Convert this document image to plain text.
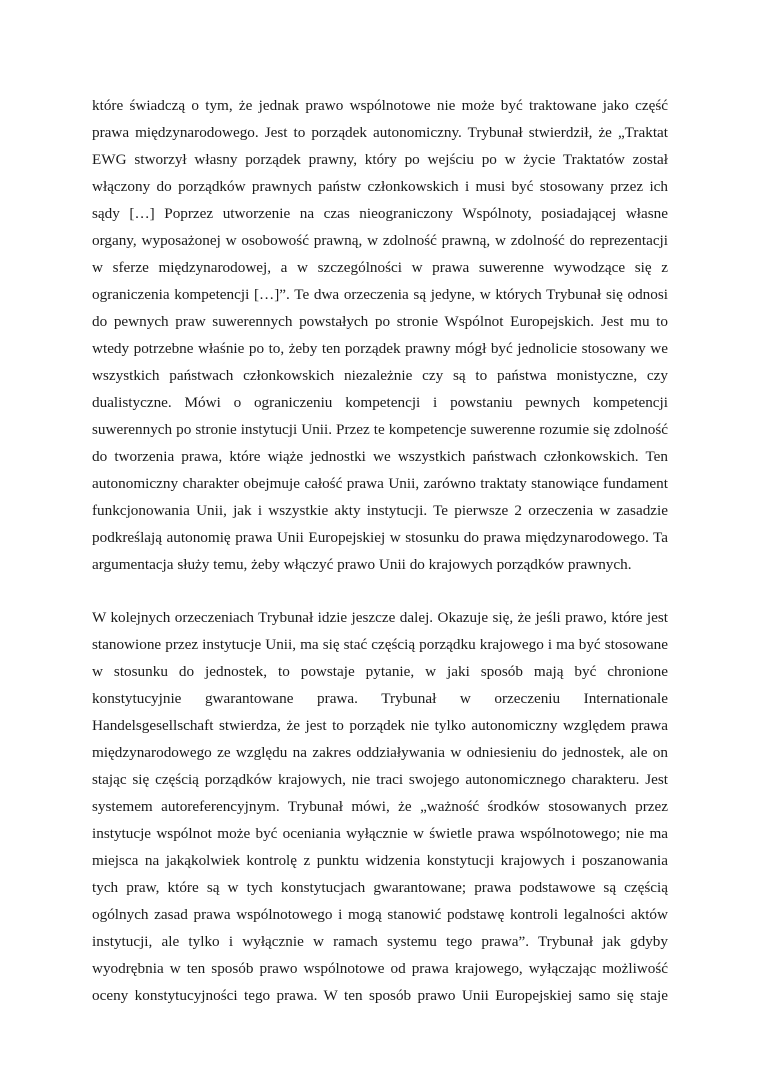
które świadczą o tym, że jednak prawo wspólnotowe nie może być traktowane jako część
prawa międzynarodowego. Jest to porządek autonomiczny. Trybunał stwierdził, że „Traktat
EWG stworzył własny porządek prawny, który po wejściu po w życie Traktatów został
włączony do porządków prawnych państw członkowskich i musi być stosowany przez ich
sądy […] Poprzez utworzenie na czas nieograniczony Wspólnoty, posiadającej własne
organy, wyposażonej w osobowość prawną, w zdolność prawną, w zdolność do reprezentacji
w sferze międzynarodowej, a w szczególności w prawa suwerenne wywodzące się z
ograniczenia kompetencji […]”. Te dwa orzeczenia są jedyne, w których Trybunał się odnosi
do pewnych praw suwerennych powstałych po stronie Wspólnot Europejskich. Jest mu to
wtedy potrzebne właśnie po to, żeby ten porządek prawny mógł być jednolicie stosowany we
wszystkich państwach członkowskich niezależnie czy są to państwa monistyczne, czy
dualistyczne. Mówi o ograniczeniu kompetencji i powstaniu pewnych kompetencji
suwerennych po stronie instytucji Unii. Przez te kompetencje suwerenne rozumie się zdolność
do tworzenia prawa, które wiąże jednostki we wszystkich państwach członkowskich. Ten
autonomiczny charakter obejmuje całość prawa Unii, zarówno traktaty stanowiące fundament
funkcjonowania Unii, jak i wszystkie akty instytucji. Te pierwsze 2 orzeczenia w zasadzie
podkreślają autonomię prawa Unii Europejskiej w stosunku do prawa międzynarodowego. Ta
argumentacja służy temu, żeby włączyć prawo Unii do krajowych porządków prawnych.
W kolejnych orzeczeniach Trybunał idzie jeszcze dalej. Okazuje się, że jeśli prawo, które jest
stanowione przez instytucje Unii, ma się stać częścią porządku krajowego i ma być stosowane
w stosunku do jednostek, to powstaje pytanie, w jaki sposób mają być chronione
konstytucyjnie gwarantowane prawa. Trybunał w orzeczeniu Internationale
Handelsgesellschaft stwierdza, że jest to porządek nie tylko autonomiczny względem prawa
międzynarodowego ze względu na zakres oddziaływania w odniesieniu do jednostek, ale on
stając się częścią porządków krajowych, nie traci swojego autonomicznego charakteru. Jest
systemem autoreferencyjnym. Trybunał mówi, że „ważność środków stosowanych przez
instytucje wspólnot może być oceniania wyłącznie w świetle prawa wspólnotowego; nie ma
miejsca na jakąkolwiek kontrolę z punktu widzenia konstytucji krajowych i poszanowania
tych praw, które są w tych konstytucjach gwarantowane; prawa podstawowe są częścią
ogólnych zasad prawa wspólnotowego i mogą stanowić podstawę kontroli legalności aktów
instytucji, ale tylko i wyłącznie w ramach systemu tego prawa”. Trybunał jak gdyby
wyodrębnia w ten sposób prawo wspólnotowe od prawa krajowego, wyłączając możliwość
oceny konstytucyjności tego prawa. W ten sposób prawo Unii Europejskiej samo się staje
